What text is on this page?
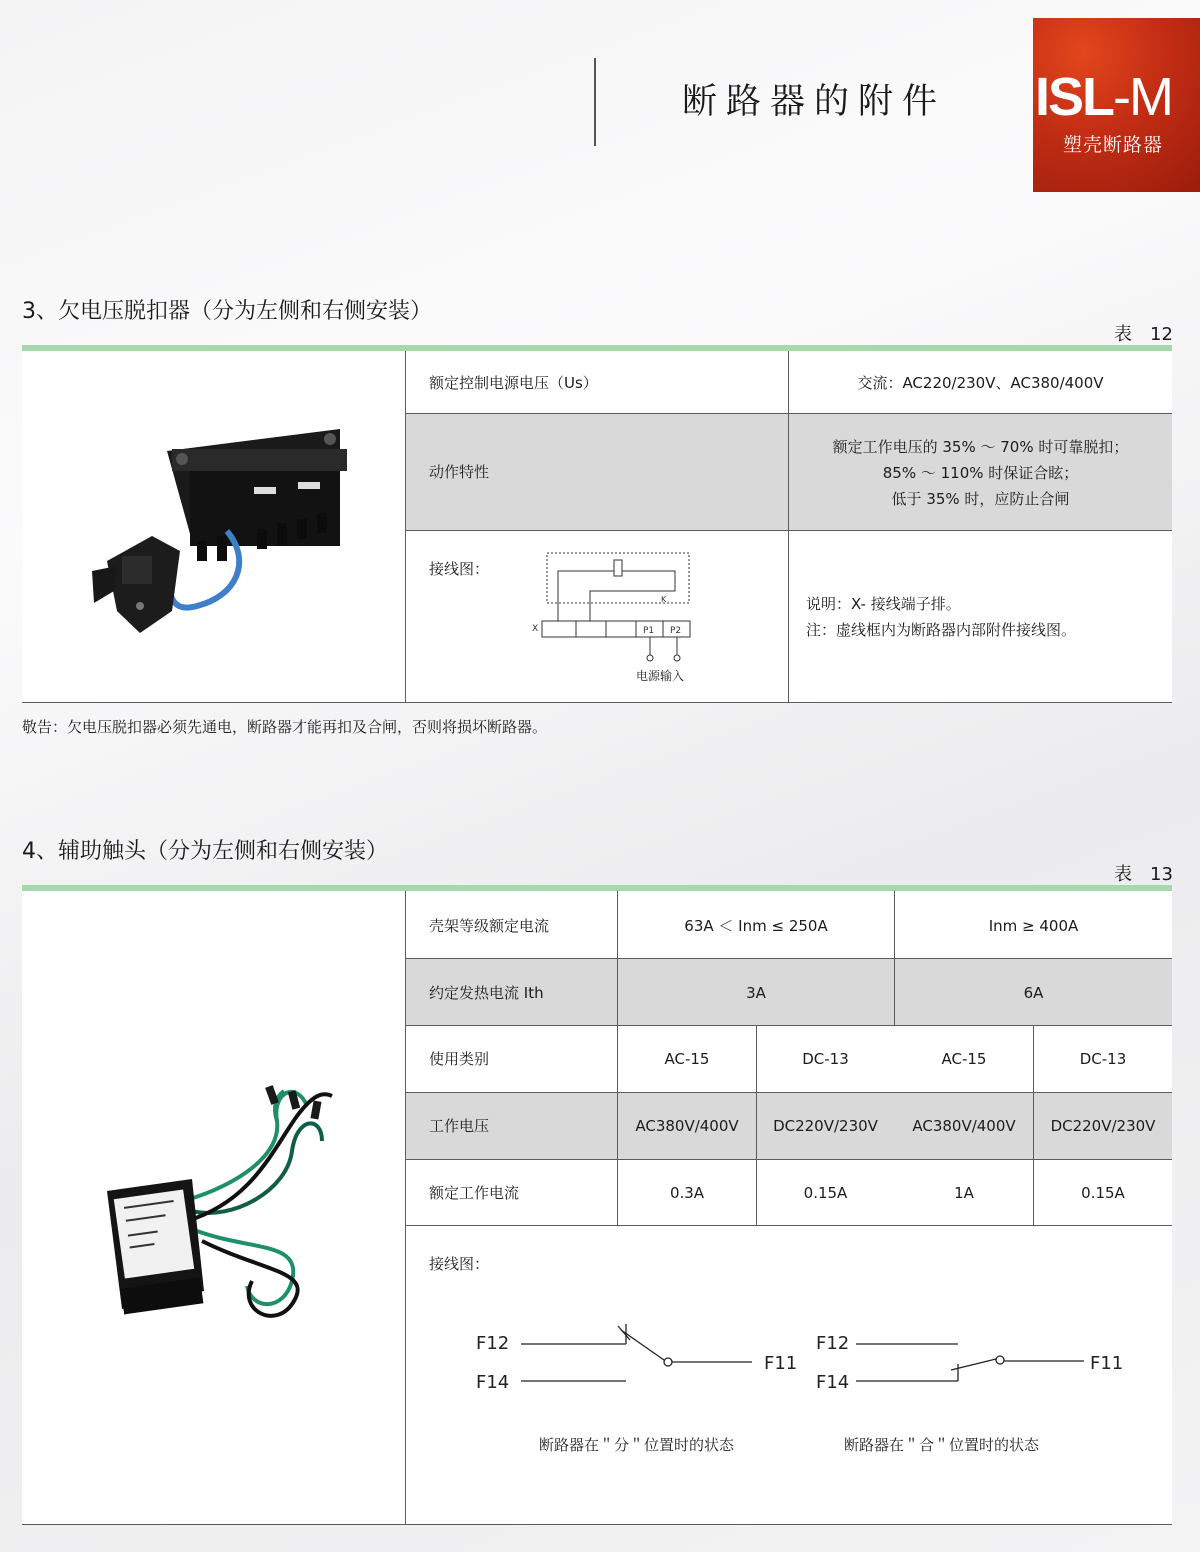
断路器的附件 ISL-M
塑壳断路器
3、欠电压脱扣器（分为左侧和右侧安装）
表　12
额定控制电源电压（Us）	交流：AC220/230V、AC380/400V
动作特性
额定工作电压的 35% ～ 70% 时可靠脱扣；
85% ～ 110% 时保证合眩；
低于 35% 时，应防止合闸
接线图：
K
X	P1 P2
电源输入
说明：X- 接线端子排。
注：虚线框内为断路器内部附件接线图。
敬告：欠电压脱扣器必须先通电，断路器才能再扣及合闸，否则将损坏断路器。
4、辅助触头（分为左侧和右侧安装）
表　13
壳架等级额定电流	63A ＜ Inm ≤ 250A	Inm ≥ 400A
约定发热电流 Ith	3A	6A
使用类别	AC-15	DC-13	AC-15	DC-13
工作电压	AC380V/400V	DC220V/230V	AC380V/400V	DC220V/230V
额定工作电流	0.3A	0.15A	1A	0.15A
接线图：
F12
F14
F11
F12
F14
F11
断路器在＂分＂位置时的状态	断路器在＂合＂位置时的状态
